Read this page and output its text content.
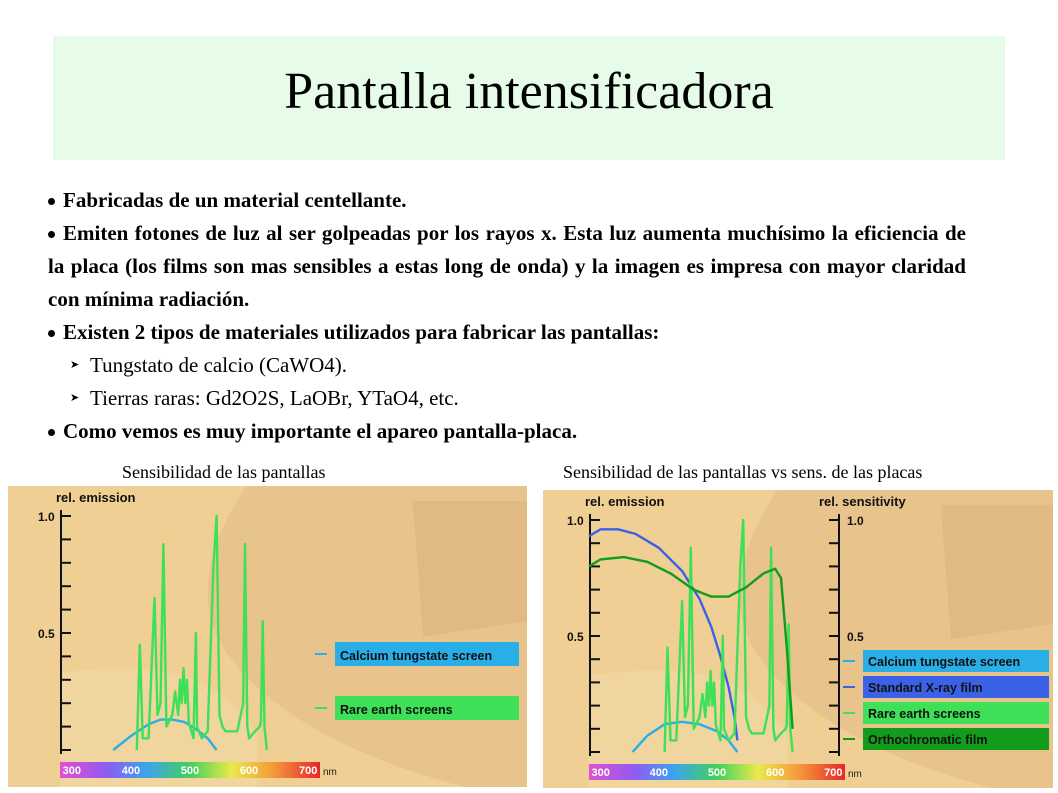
Pantalla intensificadora
Fabricadas de un material centellante.
Emiten fotones de luz al ser golpeadas por los rayos x. Esta luz aumenta muchísimo la eficiencia de la placa (los films son mas sensibles a estas long de onda) y la imagen es impresa con mayor claridad con mínima radiación.
Existen 2 tipos de materiales utilizados para fabricar las pantallas:
➤ Tungstato de calcio (CaWO4).
➤ Tierras raras: Gd2O2S, LaOBr, YTaO4, etc.
Como vemos es muy importante el apareo pantalla-placa.
Sensibilidad de las pantallas	Sensibilidad de las pantallas vs sens. de las placas
rel. emission
1.0
0.5
300	400	500	600	700 nm
Calcium tungstate screen
Rare earth screens
rel. emission
1.0
0.5
rel. sensitivity
1.0
0.5
300	400	500	600	700 nm
Calcium tungstate screen
Standard X-ray film
Rare earth screens
Orthochromatic film
